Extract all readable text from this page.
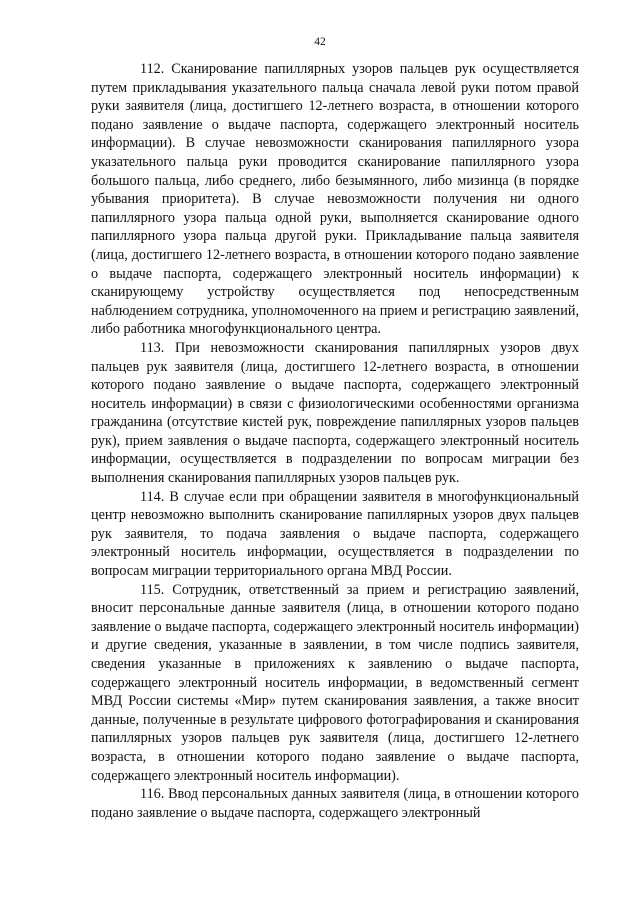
42

112. Сканирование папиллярных узоров пальцев рук осуществляется путем прикладывания указательного пальца сначала левой руки потом правой руки заявителя (лица, достигшего 12-летнего возраста, в отношении которого подано заявление о выдаче паспорта, содержащего электронный носитель информации). В случае невозможности сканирования папиллярного узора указательного пальца руки проводится сканирование папиллярного узора большого пальца, либо среднего, либо безымянного, либо мизинца (в порядке убывания приоритета). В случае невозможности получения ни одного папиллярного узора пальца одной руки, выполняется сканирование одного папиллярного узора пальца другой руки. Прикладывание пальца заявителя (лица, достигшего 12-летнего возраста, в отношении которого подано заявление о выдаче паспорта, содержащего электронный носитель информации) к сканирующему устройству осуществляется под непосредственным наблюдением сотрудника, уполномоченного на прием и регистрацию заявлений, либо работника многофункционального центра.

113. При невозможности сканирования папиллярных узоров двух пальцев рук заявителя (лица, достигшего 12-летнего возраста, в отношении которого подано заявление о выдаче паспорта, содержащего электронный носитель информации) в связи с физиологическими особенностями организма гражданина (отсутствие кистей рук, повреждение папиллярных узоров пальцев рук), прием заявления о выдаче паспорта, содержащего электронный носитель информации, осуществляется в подразделении по вопросам миграции без выполнения сканирования папиллярных узоров пальцев рук.

114. В случае если при обращении заявителя в многофункциональный центр невозможно выполнить сканирование папиллярных узоров двух пальцев рук заявителя, то подача заявления о выдаче паспорта, содержащего электронный носитель информации, осуществляется в подразделении по вопросам миграции территориального органа МВД России.

115. Сотрудник, ответственный за прием и регистрацию заявлений, вносит персональные данные заявителя (лица, в отношении которого подано заявление о выдаче паспорта, содержащего электронный носитель информации) и другие сведения, указанные в заявлении, в том числе подпись заявителя, сведения указанные в приложениях к заявлению о выдаче паспорта, содержащего электронный носитель информации, в ведомственный сегмент МВД России системы «Мир» путем сканирования заявления, а также вносит данные, полученные в результате цифрового фотографирования и сканирования папиллярных узоров пальцев рук заявителя (лица, достигшего 12-летнего возраста, в отношении которого подано заявление о выдаче паспорта, содержащего электронный носитель информации).

116. Ввод персональных данных заявителя (лица, в отношении которого подано заявление о выдаче паспорта, содержащего электронный
